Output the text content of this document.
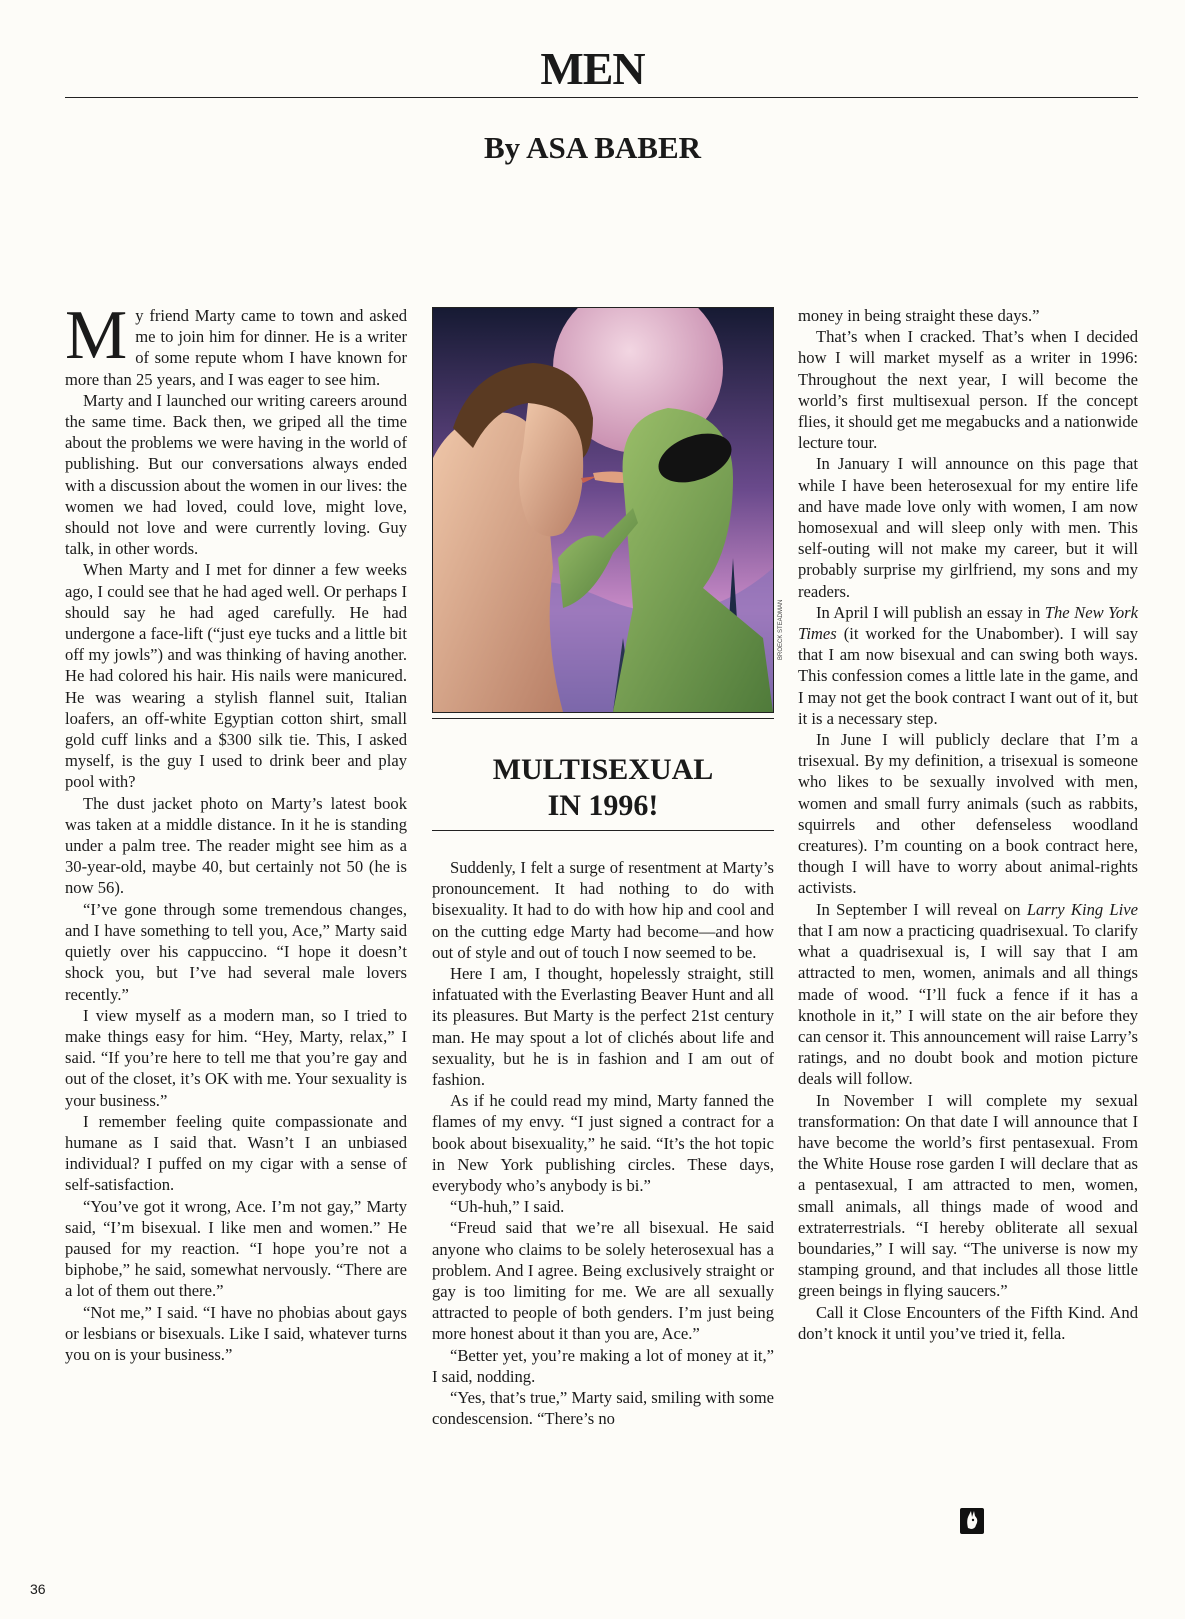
MEN
By ASA BABER

My friend Marty came to town and asked me to join him for dinner. He is a writer of some repute whom I have known for more than 25 years, and I was eager to see him.

Marty and I launched our writing careers around the same time. Back then, we griped all the time about the problems we were having in the world of publishing. But our conversations always ended with a discussion about the women in our lives: the women we had loved, could love, might love, should not love and were currently loving. Guy talk, in other words.

When Marty and I met for dinner a few weeks ago, I could see that he had aged well. Or perhaps I should say he had aged carefully. He had undergone a face-lift (“just eye tucks and a little bit off my jowls”) and was thinking of having another. He had colored his hair. His nails were manicured. He was wearing a stylish flannel suit, Italian loafers, an off-white Egyptian cotton shirt, small gold cuff links and a $300 silk tie. This, I asked myself, is the guy I used to drink beer and play pool with?

The dust jacket photo on Marty’s latest book was taken at a middle distance. In it he is standing under a palm tree. The reader might see him as a 30-year-old, maybe 40, but certainly not 50 (he is now 56).

“I’ve gone through some tremendous changes, and I have something to tell you, Ace,” Marty said quietly over his cappuccino. “I hope it doesn’t shock you, but I’ve had several male lovers recently.”

I view myself as a modern man, so I tried to make things easy for him. “Hey, Marty, relax,” I said. “If you’re here to tell me that you’re gay and out of the closet, it’s OK with me. Your sexuality is your business.”

I remember feeling quite compassionate and humane as I said that. Wasn’t I an unbiased individual? I puffed on my cigar with a sense of self-satisfaction.

“You’ve got it wrong, Ace. I’m not gay,” Marty said, “I’m bisexual. I like men and women.” He paused for my reaction. “I hope you’re not a biphobe,” he said, somewhat nervously. “There are a lot of them out there.”

“Not me,” I said. “I have no phobias about gays or lesbians or bisexuals. Like I said, whatever turns you on is your business.”

BROECK STEADMAN
MULTISEXUAL
IN 1996!

Suddenly, I felt a surge of resentment at Marty’s pronouncement. It had nothing to do with bisexuality. It had to do with how hip and cool and on the cutting edge Marty had become—and how out of style and out of touch I now seemed to be.

Here I am, I thought, hopelessly straight, still infatuated with the Everlasting Beaver Hunt and all its pleasures. But Marty is the perfect 21st century man. He may spout a lot of clichés about life and sexuality, but he is in fashion and I am out of fashion.

As if he could read my mind, Marty fanned the flames of my envy. “I just signed a contract for a book about bisexuality,” he said. “It’s the hot topic in New York publishing circles. These days, everybody who’s anybody is bi.”

“Uh-huh,” I said.

“Freud said that we’re all bisexual. He said anyone who claims to be solely heterosexual has a problem. And I agree. Being exclusively straight or gay is too limiting for me. We are all sexually attracted to people of both genders. I’m just being more honest about it than you are, Ace.”

“Better yet, you’re making a lot of money at it,” I said, nodding.

“Yes, that’s true,” Marty said, smiling with some condescension. “There’s no

money in being straight these days.”

That’s when I cracked. That’s when I decided how I will market myself as a writer in 1996: Throughout the next year, I will become the world’s first multisexual person. If the concept flies, it should get me megabucks and a nationwide lecture tour.

In January I will announce on this page that while I have been heterosexual for my entire life and have made love only with women, I am now homosexual and will sleep only with men. This self-outing will not make my career, but it will probably surprise my girlfriend, my sons and my readers.

In April I will publish an essay in The New York Times (it worked for the Unabomber). I will say that I am now bisexual and can swing both ways. This confession comes a little late in the game, and I may not get the book contract I want out of it, but it is a necessary step.

In June I will publicly declare that I’m a trisexual. By my definition, a trisexual is someone who likes to be sexually involved with men, women and small furry animals (such as rabbits, squirrels and other defenseless woodland creatures). I’m counting on a book contract here, though I will have to worry about animal-rights activists.

In September I will reveal on Larry King Live that I am now a practicing quadrisexual. To clarify what a quadrisexual is, I will say that I am attracted to men, women, animals and all things made of wood. “I’ll fuck a fence if it has a knothole in it,” I will state on the air before they can censor it. This announcement will raise Larry’s ratings, and no doubt book and motion picture deals will follow.

In November I will complete my sexual transformation: On that date I will announce that I have become the world’s first pentasexual. From the White House rose garden I will declare that as a pentasexual, I am attracted to men, women, small animals, all things made of wood and extraterrestrials. “I hereby obliterate all sexual boundaries,” I will say. “The universe is now my stamping ground, and that includes all those little green beings in flying saucers.”

Call it Close Encounters of the Fifth Kind. And don’t knock it until you’ve tried it, fella.

36
